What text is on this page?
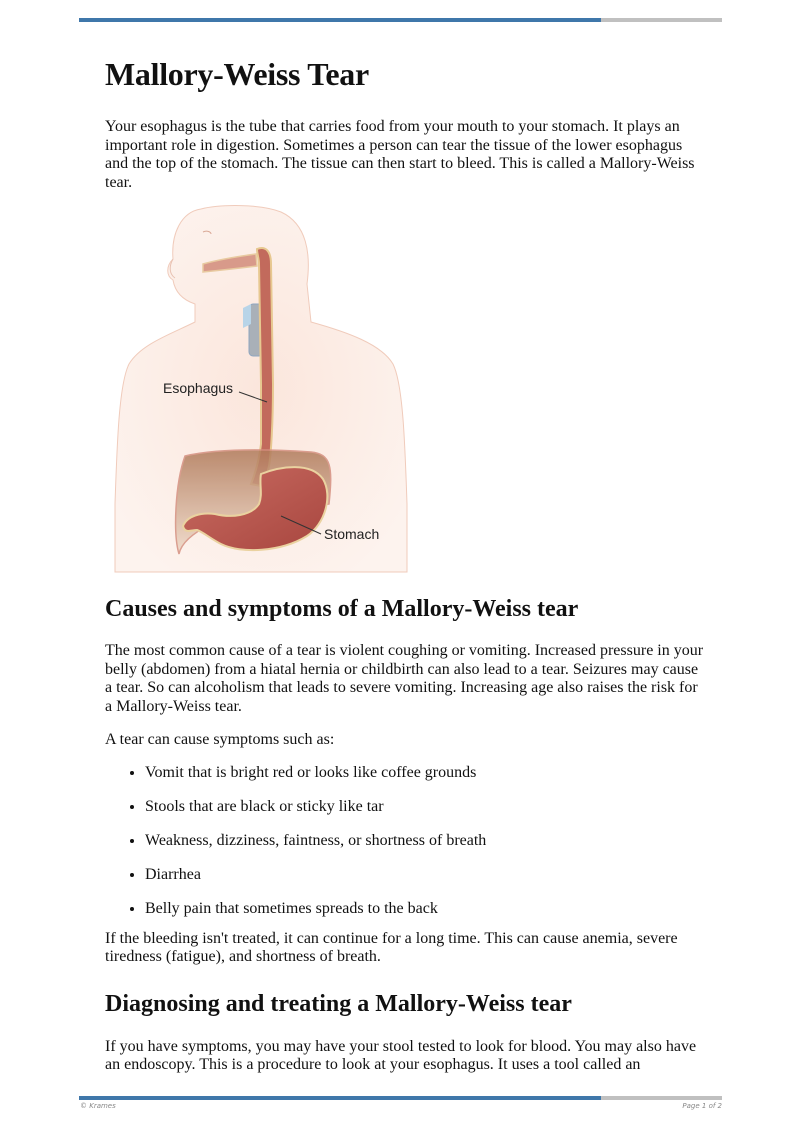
Mallory-Weiss Tear

Your esophagus is the tube that carries food from your mouth to your stomach. It plays an important role in digestion. Sometimes a person can tear the tissue of the lower esophagus and the top of the stomach. The tissue can then start to bleed. This is called a Mallory-Weiss tear.

Esophagus
Stomach
Causes and symptoms of a Mallory-Weiss tear

The most common cause of a tear is violent coughing or vomiting. Increased pressure in your belly (abdomen) from a hiatal hernia or childbirth can also lead to a tear. Seizures may cause a tear. So can alcoholism that leads to severe vomiting. Increasing age also raises the risk for a Mallory-Weiss tear.

A tear can cause symptoms such as:

• Vomit that is bright red or looks like coffee grounds
• Stools that are black or sticky like tar
• Weakness, dizziness, faintness, or shortness of breath
• Diarrhea
• Belly pain that sometimes spreads to the back

If the bleeding isn't treated, it can continue for a long time. This can cause anemia, severe tiredness (fatigue), and shortness of breath.

Diagnosing and treating a Mallory-Weiss tear

If you have symptoms, you may have your stool tested to look for blood. You may also have an endoscopy. This is a procedure to look at your esophagus. It uses a tool called an

© Krames	Page 1 of 2
